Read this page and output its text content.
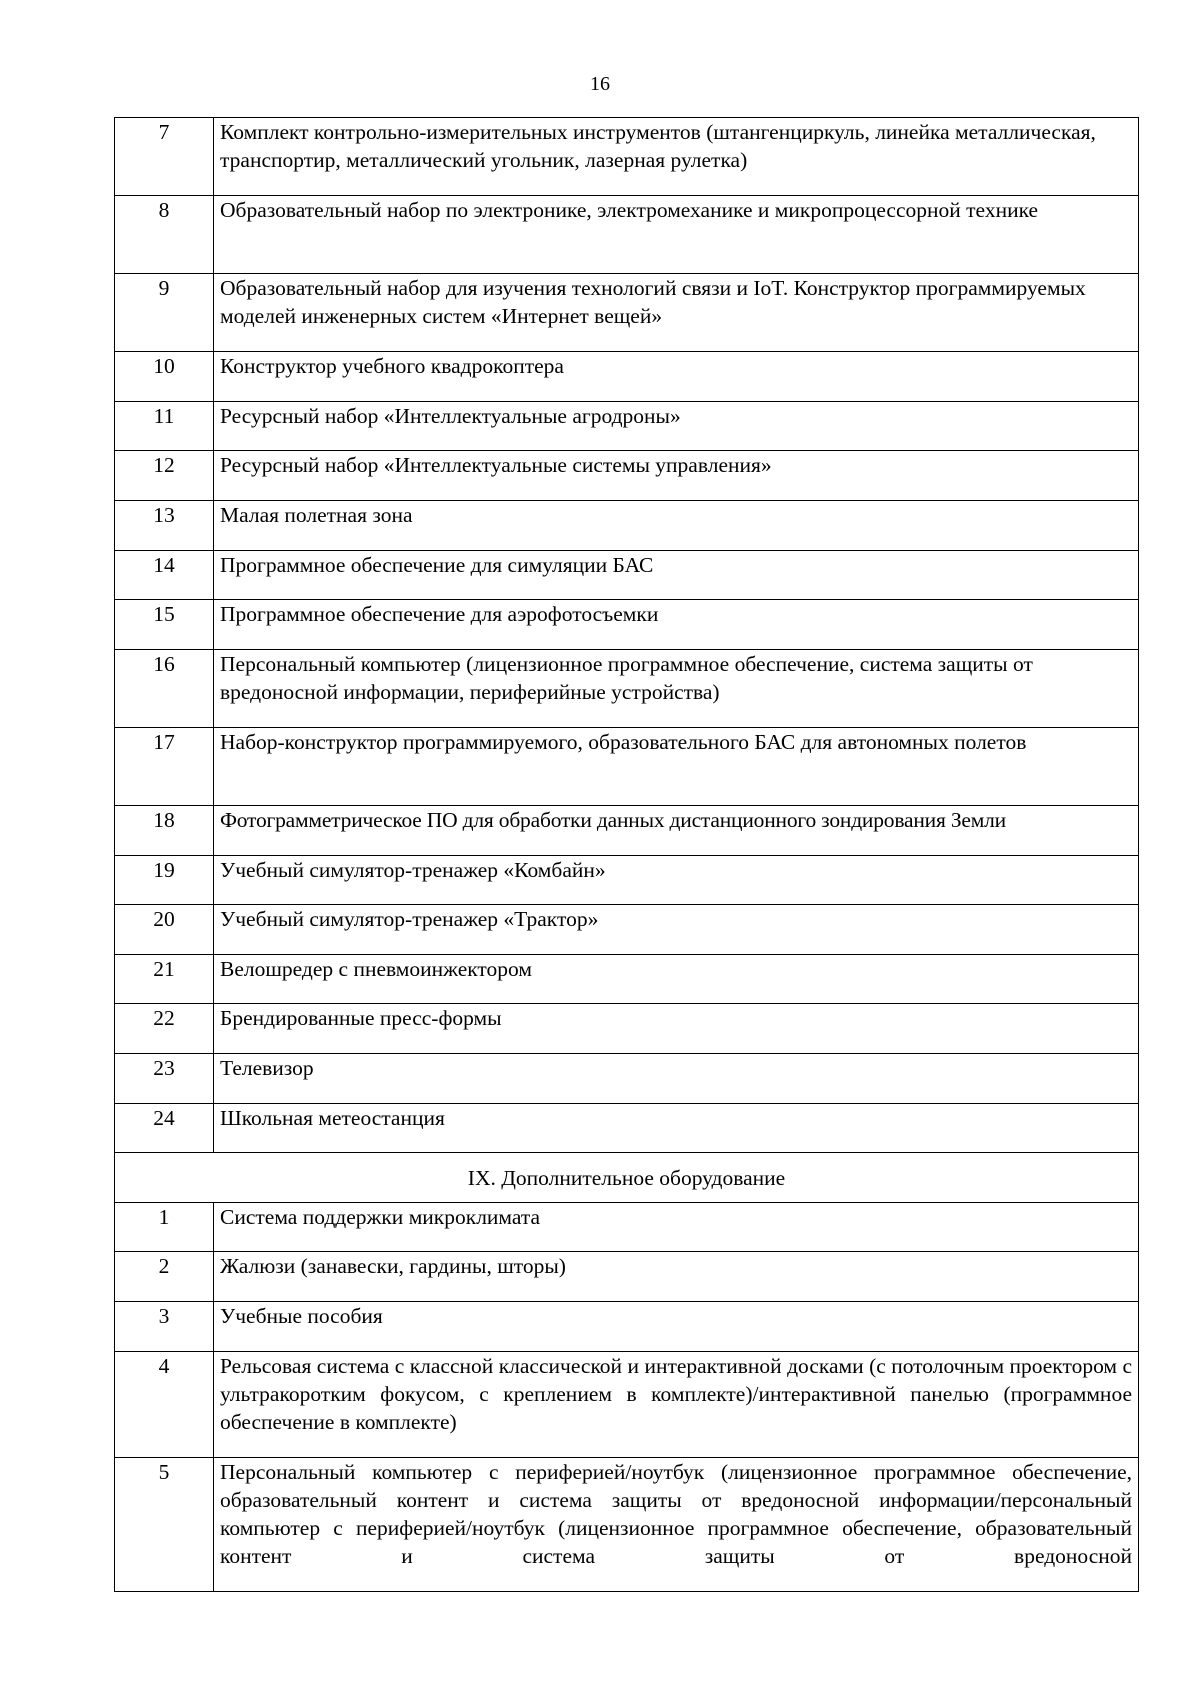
16
7	Комплект контрольно-измерительных инструментов (штангенциркуль, линейка металлическая, транспортир, металлический угольник, лазерная рулетка)
8	Образовательный набор по электронике, электромеханике и микропроцессорной технике
9	Образовательный набор для изучения технологий связи и IoT. Конструктор программируемых моделей инженерных систем «Интернет вещей»
10	Конструктор учебного квадрокоптера
11	Ресурсный набор «Интеллектуальные агродроны»
12	Ресурсный набор «Интеллектуальные системы управления»
13	Малая полетная зона
14	Программное обеспечение для симуляции БАС
15	Программное обеспечение для аэрофотосъемки
16	Персональный компьютер (лицензионное программное обеспечение, система защиты от вредоносной информации, периферийные устройства)
17	Набор-конструктор программируемого, образовательного БАС для автономных полетов
18	Фотограмметрическое ПО для обработки данных дистанционного зондирования Земли
19	Учебный симулятор-тренажер «Комбайн»
20	Учебный симулятор-тренажер «Трактор»
21	Велошредер с пневмоинжектором
22	Брендированные пресс-формы
23	Телевизор
24	Школьная метеостанция
IX. Дополнительное оборудование	
1	Система поддержки микроклимата
2	Жалюзи (занавески, гардины, шторы)
3	Учебные пособия
4	Рельсовая система с классной классической и интерактивной досками (с потолочным проектором с ультракоротким фокусом, с креплением в комплекте)/интерактивной панелью (программное обеспечение в комплекте)
5	Персональный компьютер с периферией/ноутбук (лицензионное программное обеспечение, образовательный контент и система защиты от вредоносной информации/персональный компьютер с периферией/ноутбук (лицензионное программное обеспечение, образовательный контент и система защиты от вредоносной
